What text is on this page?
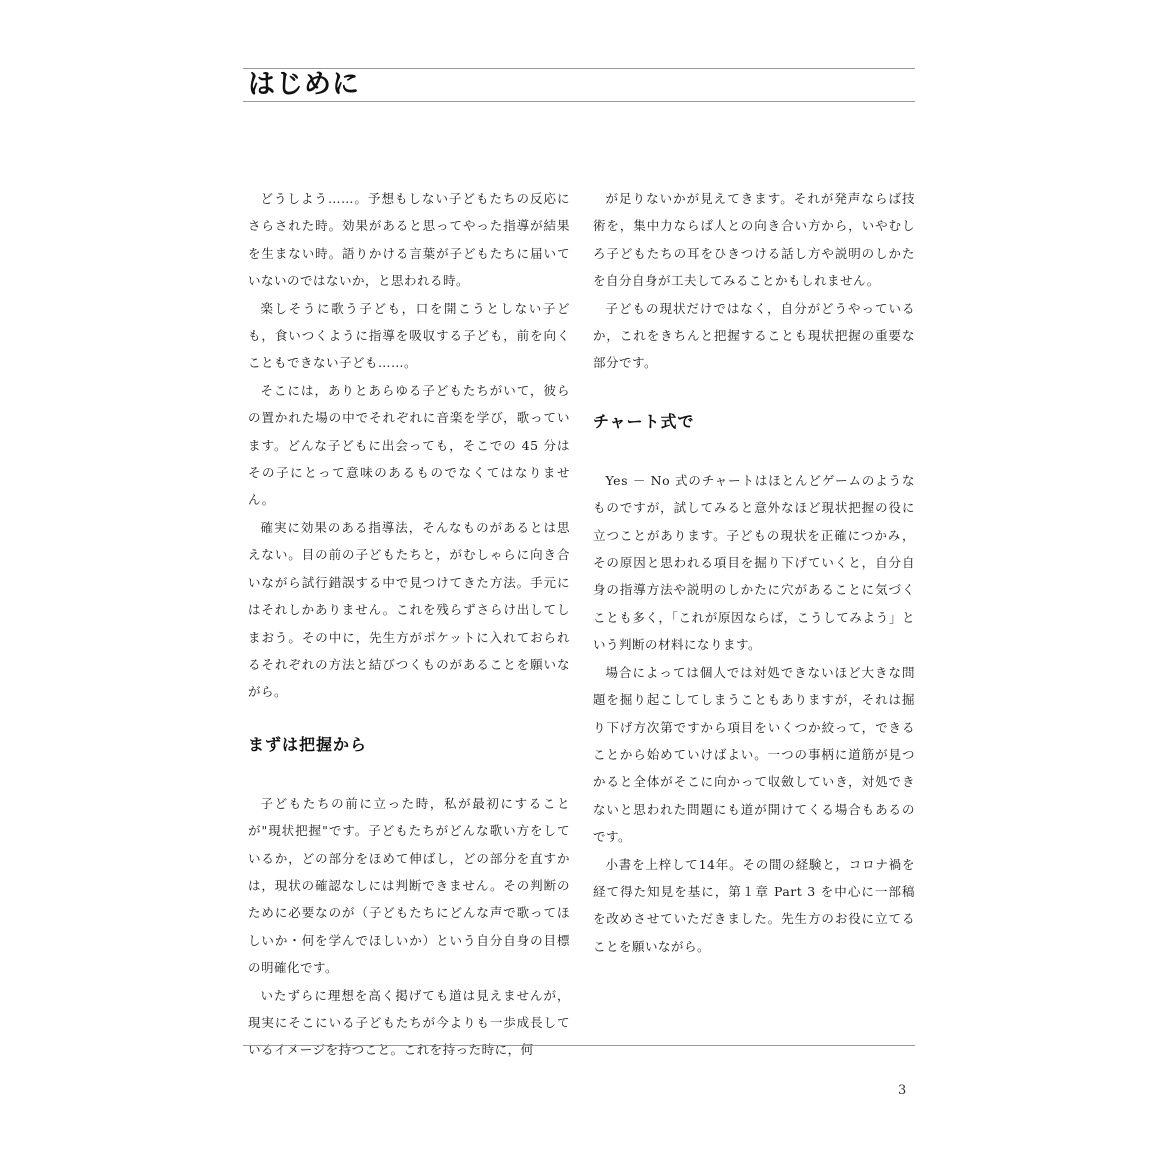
はじめに

どうしよう……。予想もしない子どもたちの反応にさらされた時。効果があると思ってやった指導が結果を生まない時。語りかける言葉が子どもたちに届いていないのではないか，と思われる時。

楽しそうに歌う子ども，口を開こうとしない子ども，食いつくように指導を吸収する子ども，前を向くこともできない子ども……。

そこには，ありとあらゆる子どもたちがいて，彼らの置かれた場の中でそれぞれに音楽を学び，歌っています。どんな子どもに出会っても，そこでの 45 分はその子にとって意味のあるものでなくてはなりません。

確実に効果のある指導法，そんなものがあるとは思えない。目の前の子どもたちと，がむしゃらに向き合いながら試行錯誤する中で見つけてきた方法。手元にはそれしかありません。これを残らずさらけ出してしまおう。その中に，先生方がポケットに入れておられるそれぞれの方法と結びつくものがあることを願いながら。

まずは把握から

子どもたちの前に立った時，私が最初にすることが"現状把握"です。子どもたちがどんな歌い方をしているか，どの部分をほめて伸ばし，どの部分を直すかは，現状の確認なしには判断できません。その判断のために必要なのが（子どもたちにどんな声で歌ってほしいか・何を学んでほしいか）という自分自身の目標の明確化です。

いたずらに理想を高く掲げても道は見えませんが，現実にそこにいる子どもたちが今よりも一歩成長しているイメージを持つこと。これを持った時に，何

が足りないかが見えてきます。それが発声ならば技術を，集中力ならば人との向き合い方から，いやむしろ子どもたちの耳をひきつける話し方や説明のしかたを自分自身が工夫してみることかもしれません。

子どもの現状だけではなく，自分がどうやっているか，これをきちんと把握することも現状把握の重要な部分です。

チャート式で

Yes － No 式のチャートはほとんどゲームのようなものですが，試してみると意外なほど現状把握の役に立つことがあります。子どもの現状を正確につかみ，その原因と思われる項目を掘り下げていくと，自分自身の指導方法や説明のしかたに穴があることに気づくことも多く，「これが原因ならば，こうしてみよう」という判断の材料になります。

場合によっては個人では対処できないほど大きな問題を掘り起こしてしまうこともありますが，それは掘り下げ方次第ですから項目をいくつか絞って，できることから始めていけばよい。一つの事柄に道筋が見つかると全体がそこに向かって収斂していき，対処できないと思われた問題にも道が開けてくる場合もあるのです。

小書を上梓して14年。その間の経験と，コロナ禍を経て得た知見を基に，第１章 Part 3 を中心に一部稿を改めさせていただきました。先生方のお役に立てることを願いながら。

3
